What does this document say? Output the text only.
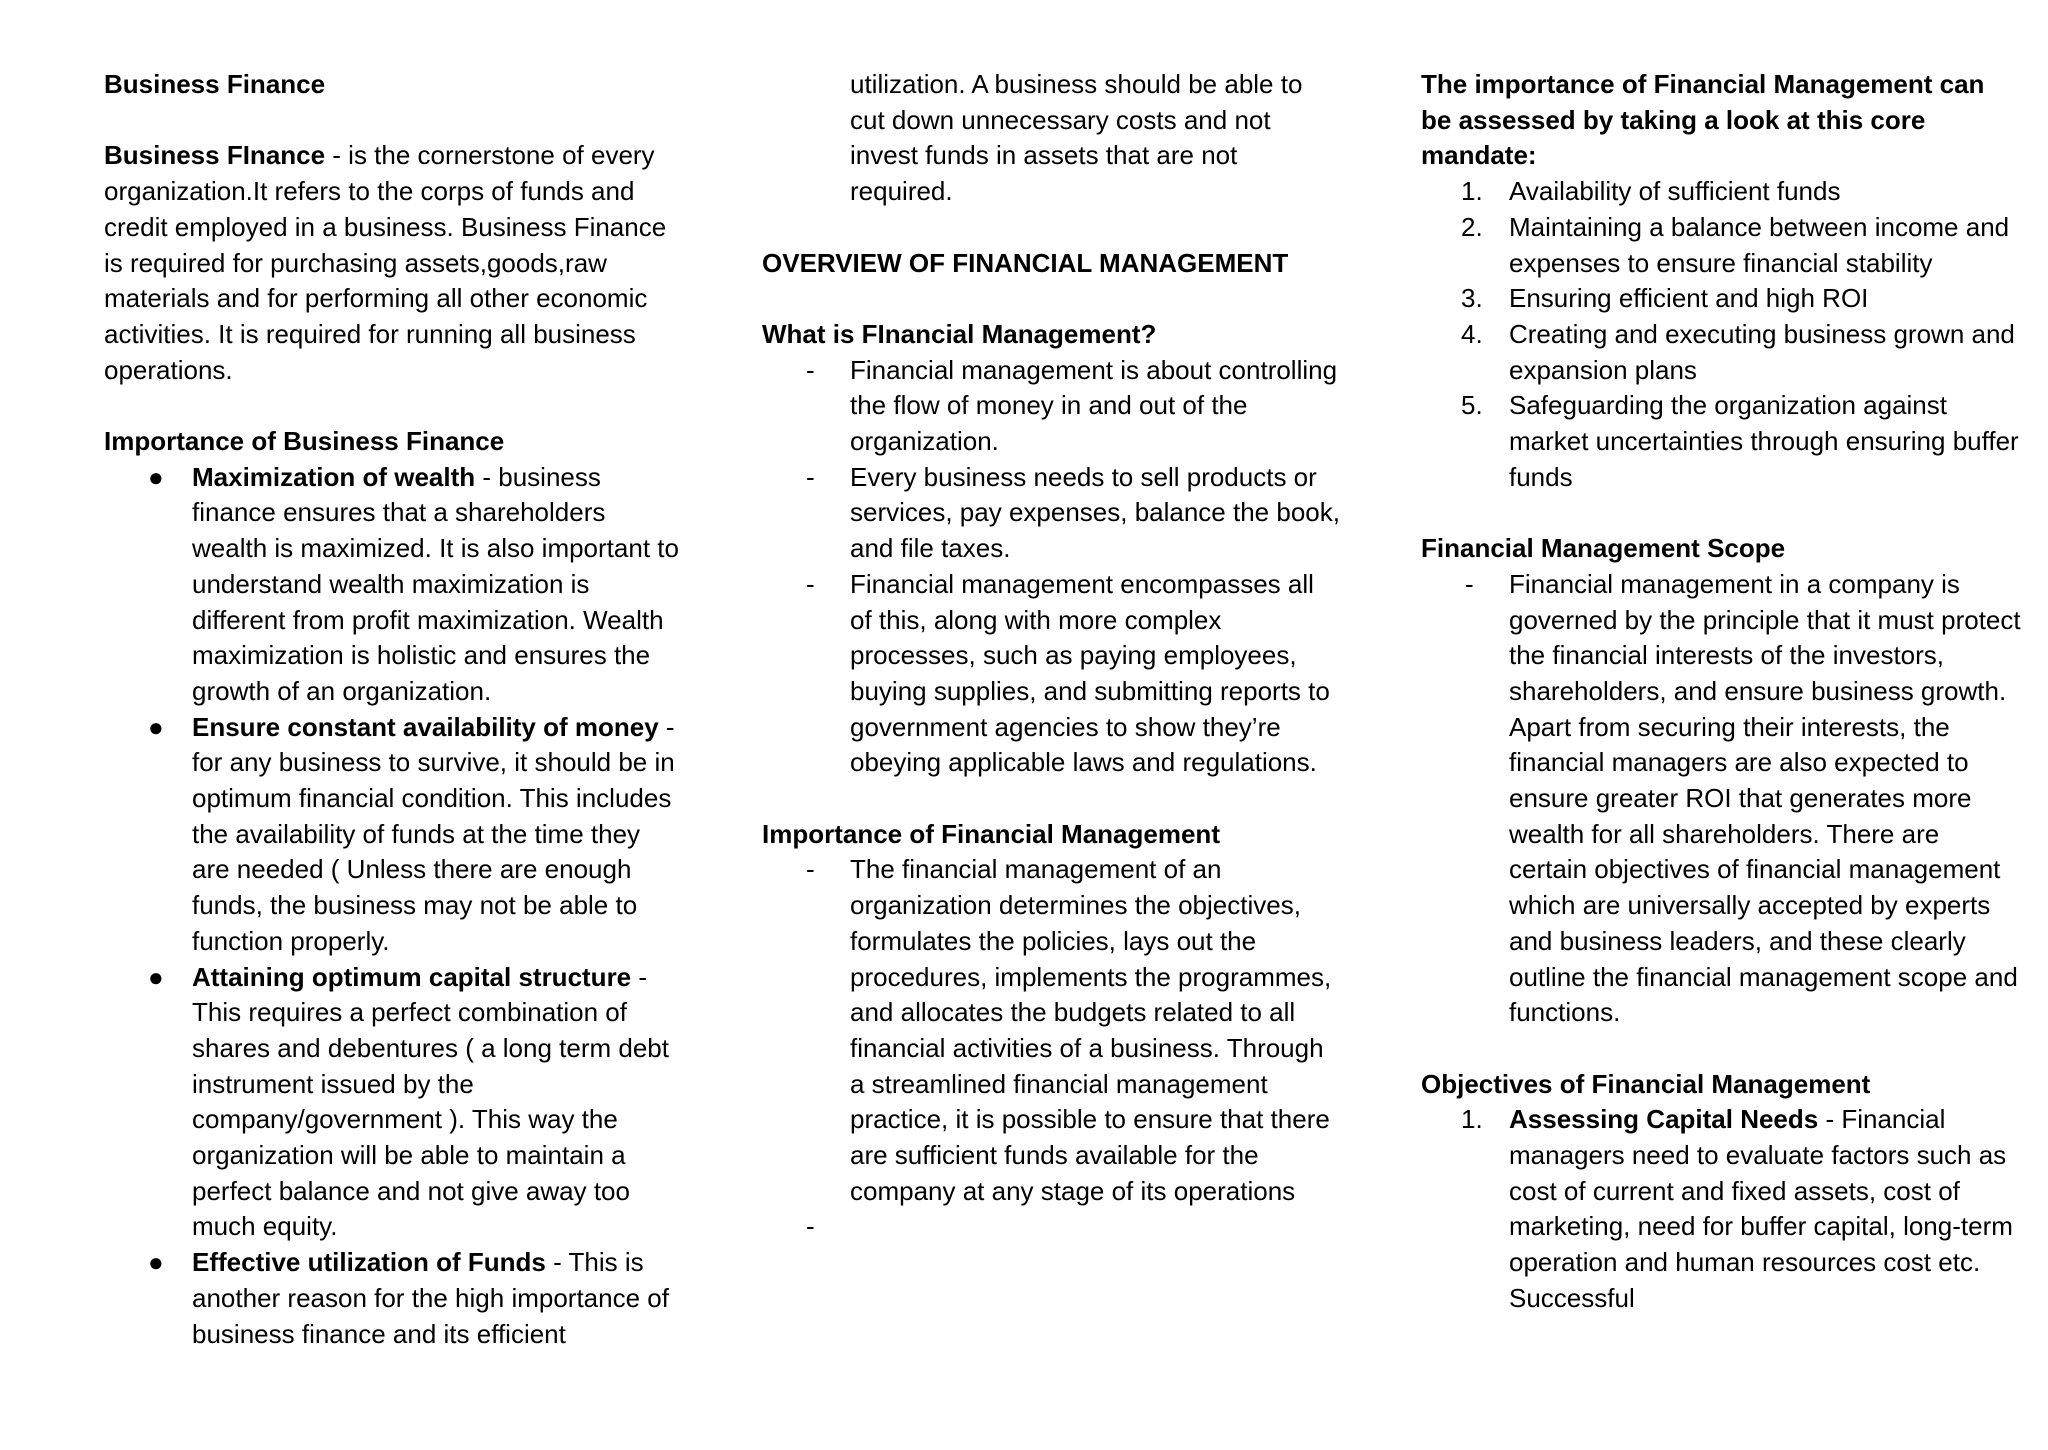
Business Finance

Business FInance - is the cornerstone of every organization.It refers to the corps of funds and credit employed in a business. Business Finance is required for purchasing assets,goods,raw materials and for performing all other economic activities. It is required for running all business operations.

Importance of Business Finance

●	Maximization of wealth - business finance ensures that a shareholders wealth is maximized. It is also important to understand wealth maximization is different from profit maximization. Wealth maximization is holistic and ensures the growth of an organization.
●	Ensure constant availability of money - for any business to survive, it should be in optimum financial condition. This includes the availability of funds at the time they are needed ( Unless there are enough funds, the business may not be able to function properly.
●	Attaining optimum capital structure - This requires a perfect combination of shares and debentures ( a long term debt instrument issued by the company/government ). This way the organization will be able to maintain a perfect balance and not give away too much equity.
●	Effective utilization of Funds - This is another reason for the high importance of business finance and its efficient

utilization. A business should be able to cut down unnecessary costs and not invest funds in assets that are not required.

OVERVIEW OF FINANCIAL MANAGEMENT

What is FInancial Management?

-	Financial management is about controlling the flow of money in and out of the organization.
-	Every business needs to sell products or services, pay expenses, balance the book, and file taxes.
-	Financial management encompasses all of this, along with more complex processes, such as paying employees, buying supplies, and submitting reports to government agencies to show they’re obeying applicable laws and regulations.

Importance of Financial Management

-	The financial management of an organization determines the objectives, formulates the policies, lays out the procedures, implements the programmes, and allocates the budgets related to all financial activities of a business. Through a streamlined financial management practice, it is possible to ensure that there are sufficient funds available for the company at any stage of its operations
-

The importance of Financial Management can be assessed by taking a look at this core mandate:

1.	Availability of sufficient funds
2.	Maintaining a balance between income and expenses to ensure financial stability
3.	Ensuring efficient and high ROI
4.	Creating and executing business grown and expansion plans
5.	Safeguarding the organization against market uncertainties through ensuring buffer funds

Financial Management Scope

-	Financial management in a company is governed by the principle that it must protect the financial interests of the investors, shareholders, and ensure business growth. Apart from securing their interests, the financial managers are also expected to ensure greater ROI that generates more wealth for all shareholders. There are certain objectives of financial management which are universally accepted by experts and business leaders, and these clearly outline the financial management scope and functions.

Objectives of Financial Management

1.	Assessing Capital Needs - Financial managers need to evaluate factors such as cost of current and fixed assets, cost of marketing, need for buffer capital, long-term operation and human resources cost etc. Successful
